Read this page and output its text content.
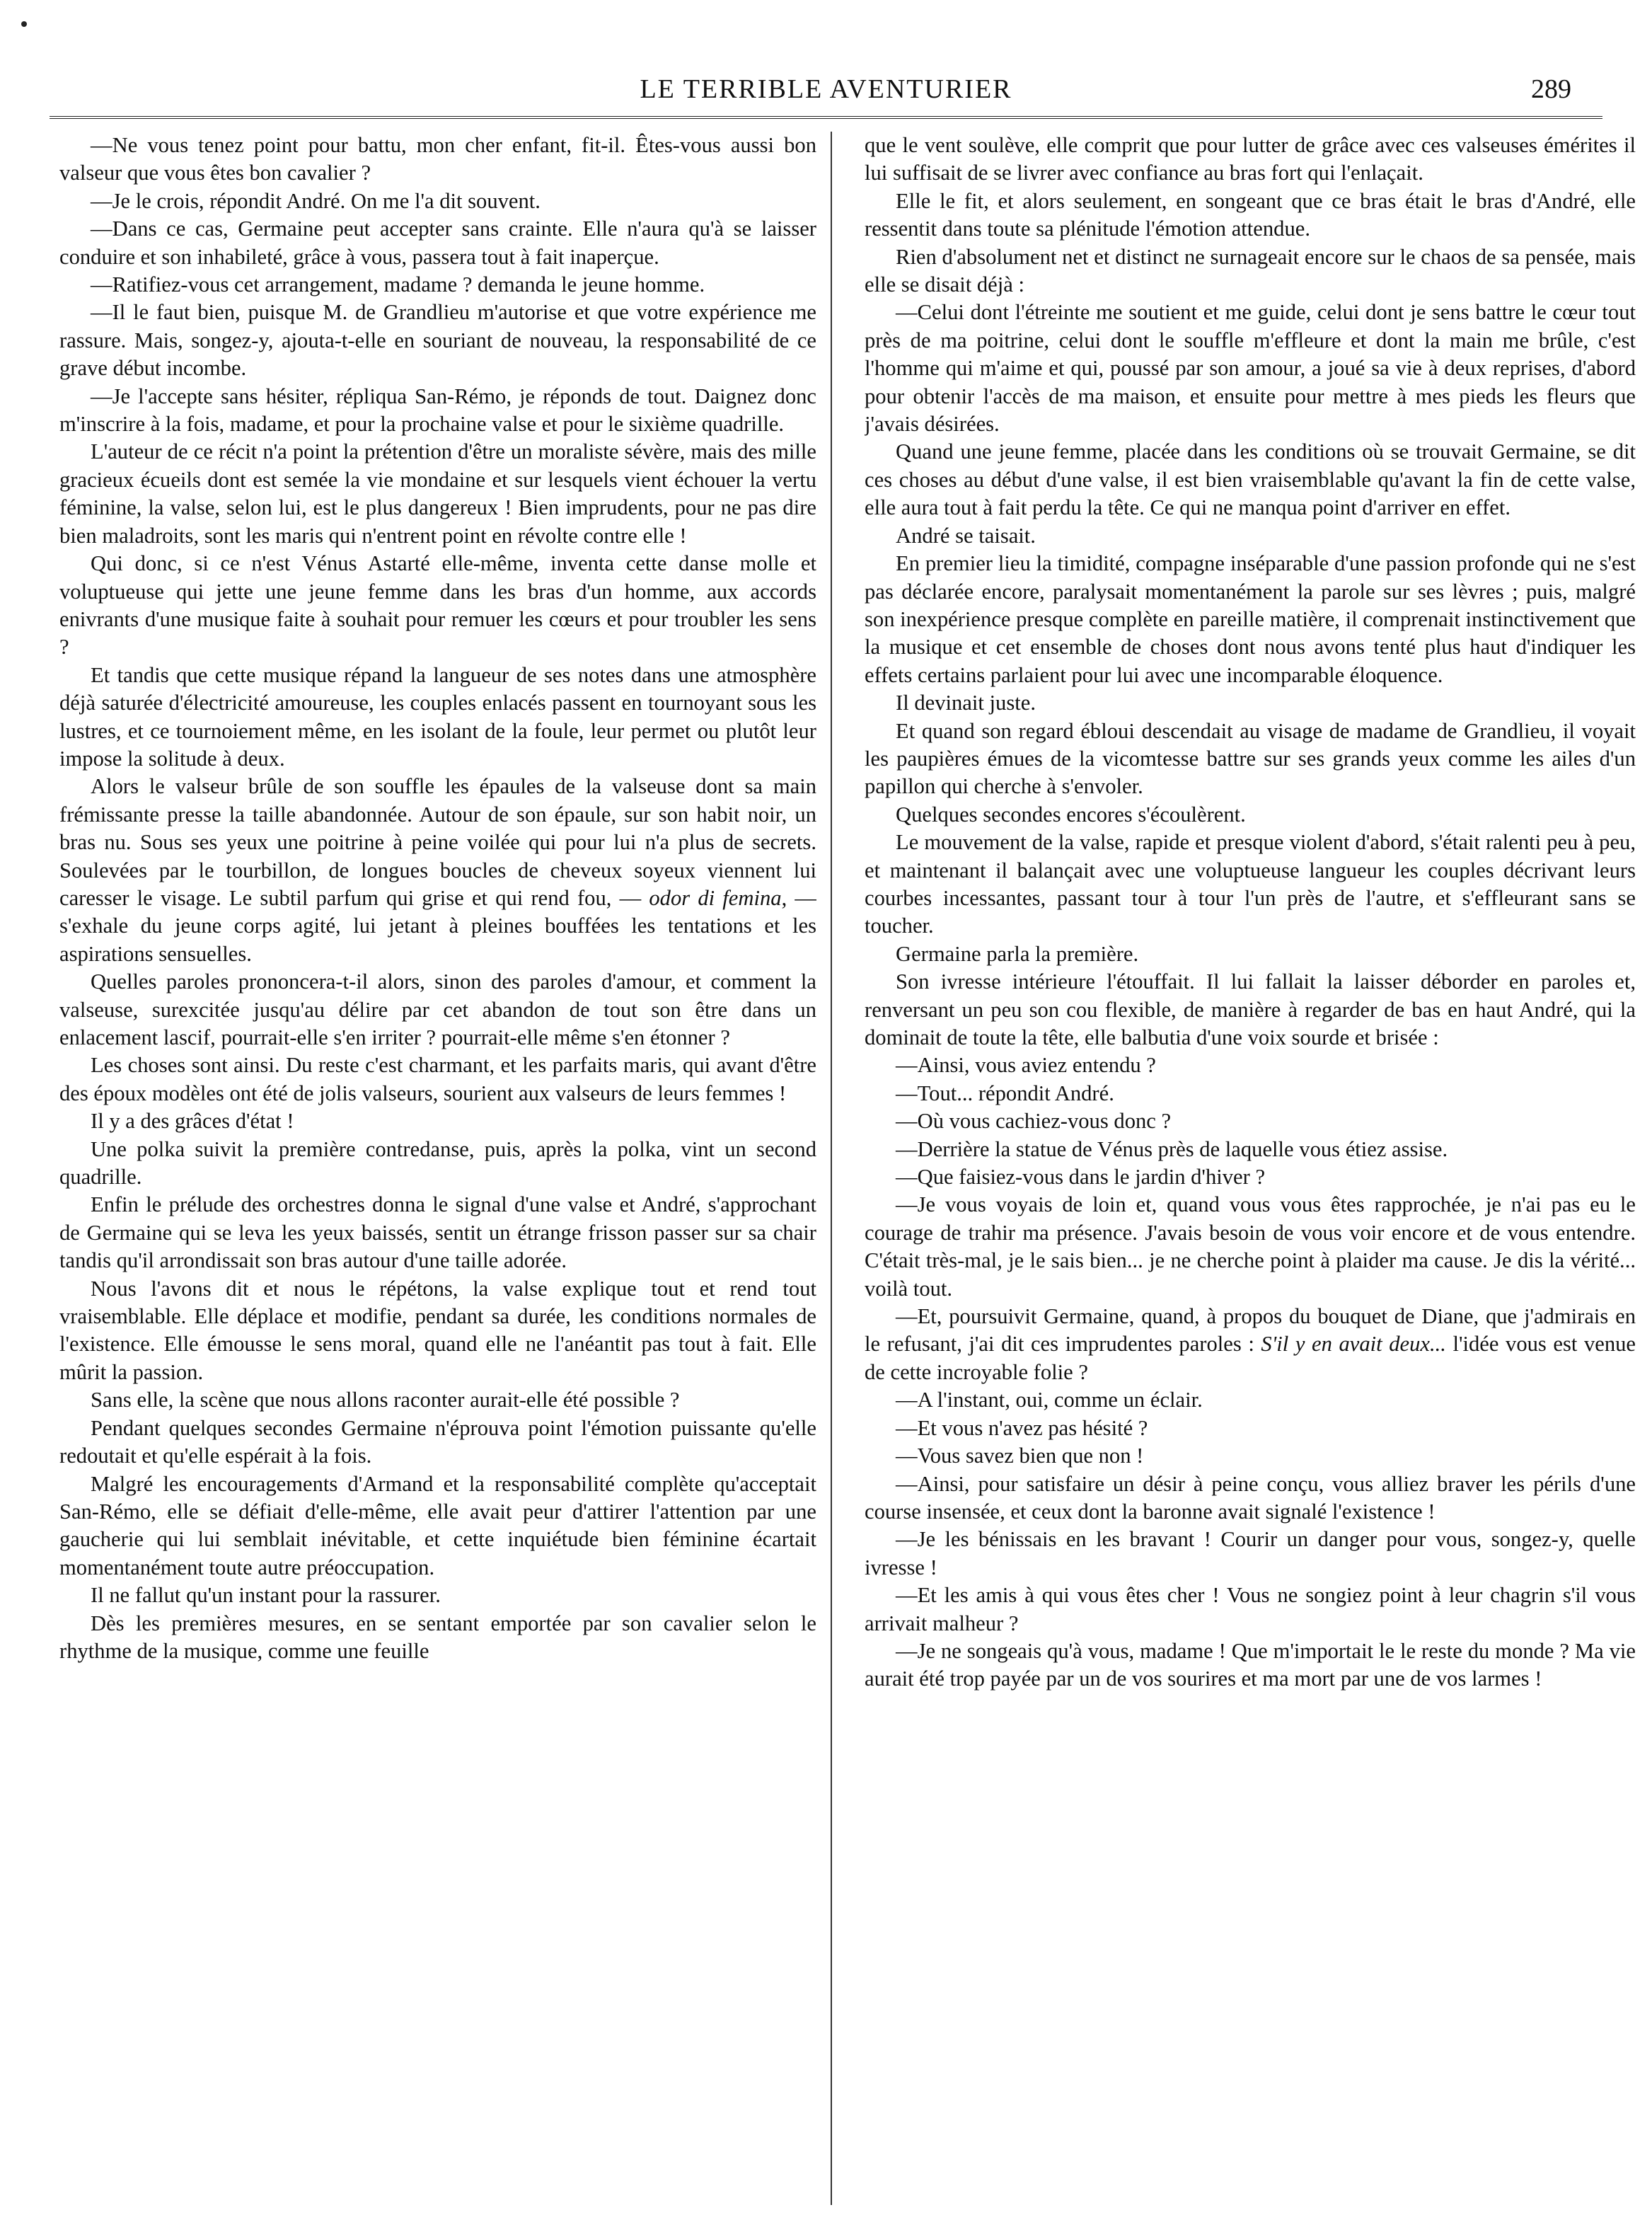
LE TERRIBLE AVENTURIER	289

—Ne vous tenez point pour battu, mon cher enfant, fit-il. Êtes-vous aussi bon valseur que vous êtes bon cavalier ?

—Je le crois, répondit André. On me l'a dit souvent.

—Dans ce cas, Germaine peut accepter sans crainte. Elle n'aura qu'à se laisser conduire et son inhabileté, grâce à vous, passera tout à fait inaperçue.

—Ratifiez-vous cet arrangement, madame ? demanda le jeune homme.

—Il le faut bien, puisque M. de Grandlieu m'autorise et que votre expérience me rassure. Mais, songez-y, ajouta-t-elle en souriant de nouveau, la responsabilité de ce grave début incombe.

—Je l'accepte sans hésiter, répliqua San-Rémo, je réponds de tout. Daignez donc m'inscrire à la fois, madame, et pour la prochaine valse et pour le sixième quadrille.

L'auteur de ce récit n'a point la prétention d'être un moraliste sévère, mais des mille gracieux écueils dont est semée la vie mondaine et sur lesquels vient échouer la vertu féminine, la valse, selon lui, est le plus dangereux ! Bien imprudents, pour ne pas dire bien maladroits, sont les maris qui n'entrent point en révolte contre elle !

Qui donc, si ce n'est Vénus Astarté elle-même, inventa cette danse molle et voluptueuse qui jette une jeune femme dans les bras d'un homme, aux accords enivrants d'une musique faite à souhait pour remuer les cœurs et pour troubler les sens ?

Et tandis que cette musique répand la langueur de ses notes dans une atmosphère déjà saturée d'électricité amoureuse, les couples enlacés passent en tournoyant sous les lustres, et ce tournoiement même, en les isolant de la foule, leur permet ou plutôt leur impose la solitude à deux.

Alors le valseur brûle de son souffle les épaules de la valseuse dont sa main frémissante presse la taille abandonnée. Autour de son épaule, sur son habit noir, un bras nu. Sous ses yeux une poitrine à peine voilée qui pour lui n'a plus de secrets. Soulevées par le tourbillon, de longues boucles de cheveux soyeux viennent lui caresser le visage. Le subtil parfum qui grise et qui rend fou, — odor di femina, — s'exhale du jeune corps agité, lui jetant à pleines bouffées les tentations et les aspirations sensuelles.

Quelles paroles prononcera-t-il alors, sinon des paroles d'amour, et comment la valseuse, surexcitée jusqu'au délire par cet abandon de tout son être dans un enlacement lascif, pourrait-elle s'en irriter ? pourrait-elle même s'en étonner ?

Les choses sont ainsi. Du reste c'est charmant, et les parfaits maris, qui avant d'être des époux modèles ont été de jolis valseurs, sourient aux valseurs de leurs femmes !

Il y a des grâces d'état !

Une polka suivit la première contredanse, puis, après la polka, vint un second quadrille.

Enfin le prélude des orchestres donna le signal d'une valse et André, s'approchant de Germaine qui se leva les yeux baissés, sentit un étrange frisson passer sur sa chair tandis qu'il arrondissait son bras autour d'une taille adorée.

Nous l'avons dit et nous le répétons, la valse explique tout et rend tout vraisemblable. Elle déplace et modifie, pendant sa durée, les conditions normales de l'existence. Elle émousse le sens moral, quand elle ne l'anéantit pas tout à fait. Elle mûrit la passion.

Sans elle, la scène que nous allons raconter aurait-elle été possible ?

Pendant quelques secondes Germaine n'éprouva point l'émotion puissante qu'elle redoutait et qu'elle espérait à la fois.

Malgré les encouragements d'Armand et la responsabilité complète qu'acceptait San-Rémo, elle se défiait d'elle-même, elle avait peur d'attirer l'attention par une gaucherie qui lui semblait inévitable, et cette inquiétude bien féminine écartait momentanément toute autre préoccupation.

Il ne fallut qu'un instant pour la rassurer.

Dès les premières mesures, en se sentant emportée par son cavalier selon le rhythme de la musique, comme une feuille

que le vent soulève, elle comprit que pour lutter de grâce avec ces valseuses émérites il lui suffisait de se livrer avec confiance au bras fort qui l'enlaçait.

Elle le fit, et alors seulement, en songeant que ce bras était le bras d'André, elle ressentit dans toute sa plénitude l'émotion attendue.

Rien d'absolument net et distinct ne surnageait encore sur le chaos de sa pensée, mais elle se disait déjà :

—Celui dont l'étreinte me soutient et me guide, celui dont je sens battre le cœur tout près de ma poitrine, celui dont le souffle m'effleure et dont la main me brûle, c'est l'homme qui m'aime et qui, poussé par son amour, a joué sa vie à deux reprises, d'abord pour obtenir l'accès de ma maison, et ensuite pour mettre à mes pieds les fleurs que j'avais désirées.

Quand une jeune femme, placée dans les conditions où se trouvait Germaine, se dit ces choses au début d'une valse, il est bien vraisemblable qu'avant la fin de cette valse, elle aura tout à fait perdu la tête. Ce qui ne manqua point d'arriver en effet.

André se taisait.

En premier lieu la timidité, compagne inséparable d'une passion profonde qui ne s'est pas déclarée encore, paralysait momentanément la parole sur ses lèvres ; puis, malgré son inexpérience presque complète en pareille matière, il comprenait instinctivement que la musique et cet ensemble de choses dont nous avons tenté plus haut d'indiquer les effets certains parlaient pour lui avec une incomparable éloquence.

Il devinait juste.

Et quand son regard ébloui descendait au visage de madame de Grandlieu, il voyait les paupières émues de la vicomtesse battre sur ses grands yeux comme les ailes d'un papillon qui cherche à s'envoler.

Quelques secondes encores s'écoulèrent.

Le mouvement de la valse, rapide et presque violent d'abord, s'était ralenti peu à peu, et maintenant il balançait avec une voluptueuse langueur les couples décrivant leurs courbes incessantes, passant tour à tour l'un près de l'autre, et s'effleurant sans se toucher.

Germaine parla la première.

Son ivresse intérieure l'étouffait. Il lui fallait la laisser déborder en paroles et, renversant un peu son cou flexible, de manière à regarder de bas en haut André, qui la dominait de toute la tête, elle balbutia d'une voix sourde et brisée :

—Ainsi, vous aviez entendu ?

—Tout... répondit André.

—Où vous cachiez-vous donc ?

—Derrière la statue de Vénus près de laquelle vous étiez assise.

—Que faisiez-vous dans le jardin d'hiver ?

—Je vous voyais de loin et, quand vous vous êtes rapprochée, je n'ai pas eu le courage de trahir ma présence. J'avais besoin de vous voir encore et de vous entendre. C'était très-mal, je le sais bien... je ne cherche point à plaider ma cause. Je dis la vérité... voilà tout.

—Et, poursuivit Germaine, quand, à propos du bouquet de Diane, que j'admirais en le refusant, j'ai dit ces imprudentes paroles : S'il y en avait deux... l'idée vous est venue de cette incroyable folie ?

—A l'instant, oui, comme un éclair.

—Et vous n'avez pas hésité ?

—Vous savez bien que non !

—Ainsi, pour satisfaire un désir à peine conçu, vous alliez braver les périls d'une course insensée, et ceux dont la baronne avait signalé l'existence !

—Je les bénissais en les bravant ! Courir un danger pour vous, songez-y, quelle ivresse !

—Et les amis à qui vous êtes cher ! Vous ne songiez point à leur chagrin s'il vous arrivait malheur ?

—Je ne songeais qu'à vous, madame ! Que m'importait le le reste du monde ? Ma vie aurait été trop payée par un de vos sourires et ma mort par une de vos larmes !
